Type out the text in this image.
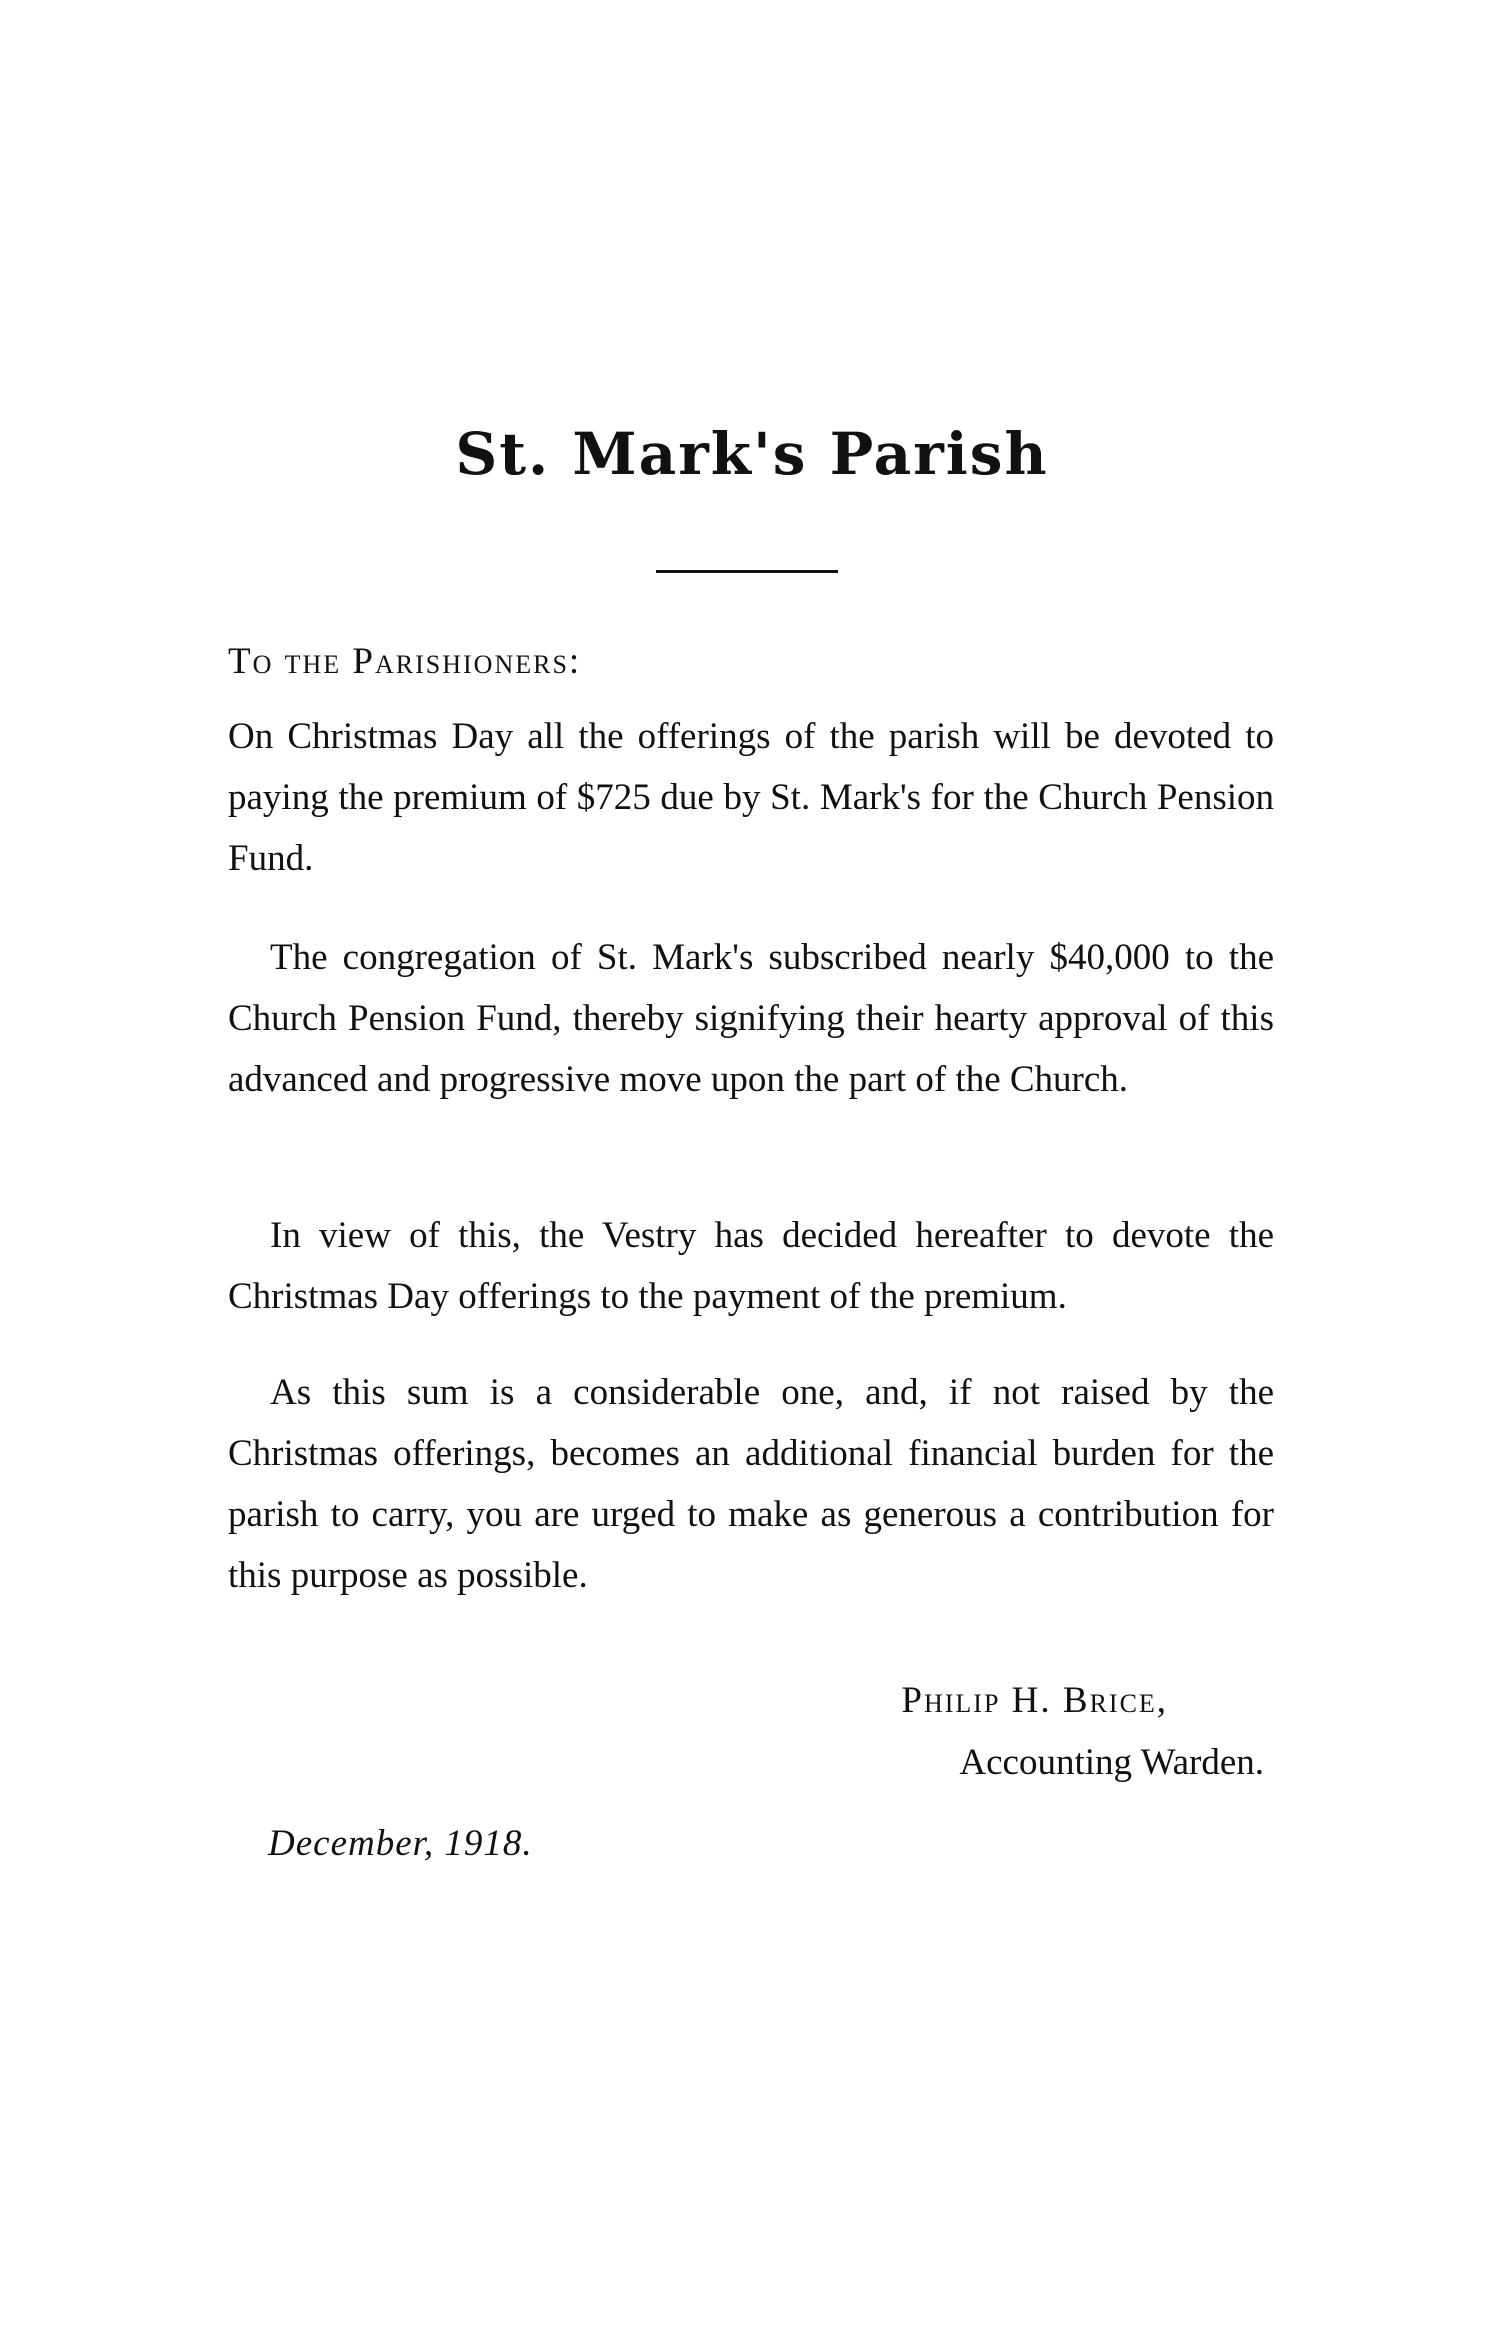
St. Mark's Parish
To the Parishioners:

On Christmas Day all the offerings of the parish will be devoted to paying the premium of $725 due by St. Mark's for the Church Pension Fund.

The congregation of St. Mark's subscribed nearly $40,000 to the Church Pension Fund, thereby signifying their hearty approval of this advanced and progressive move upon the part of the Church.

In view of this, the Vestry has decided hereafter to devote the Christmas Day offerings to the payment of the premium.

As this sum is a considerable one, and, if not raised by the Christmas offerings, becomes an additional financial burden for the parish to carry, you are urged to make as generous a contribution for this purpose as possible.

Philip H. Brice,
Accounting Warden.
December, 1918.
